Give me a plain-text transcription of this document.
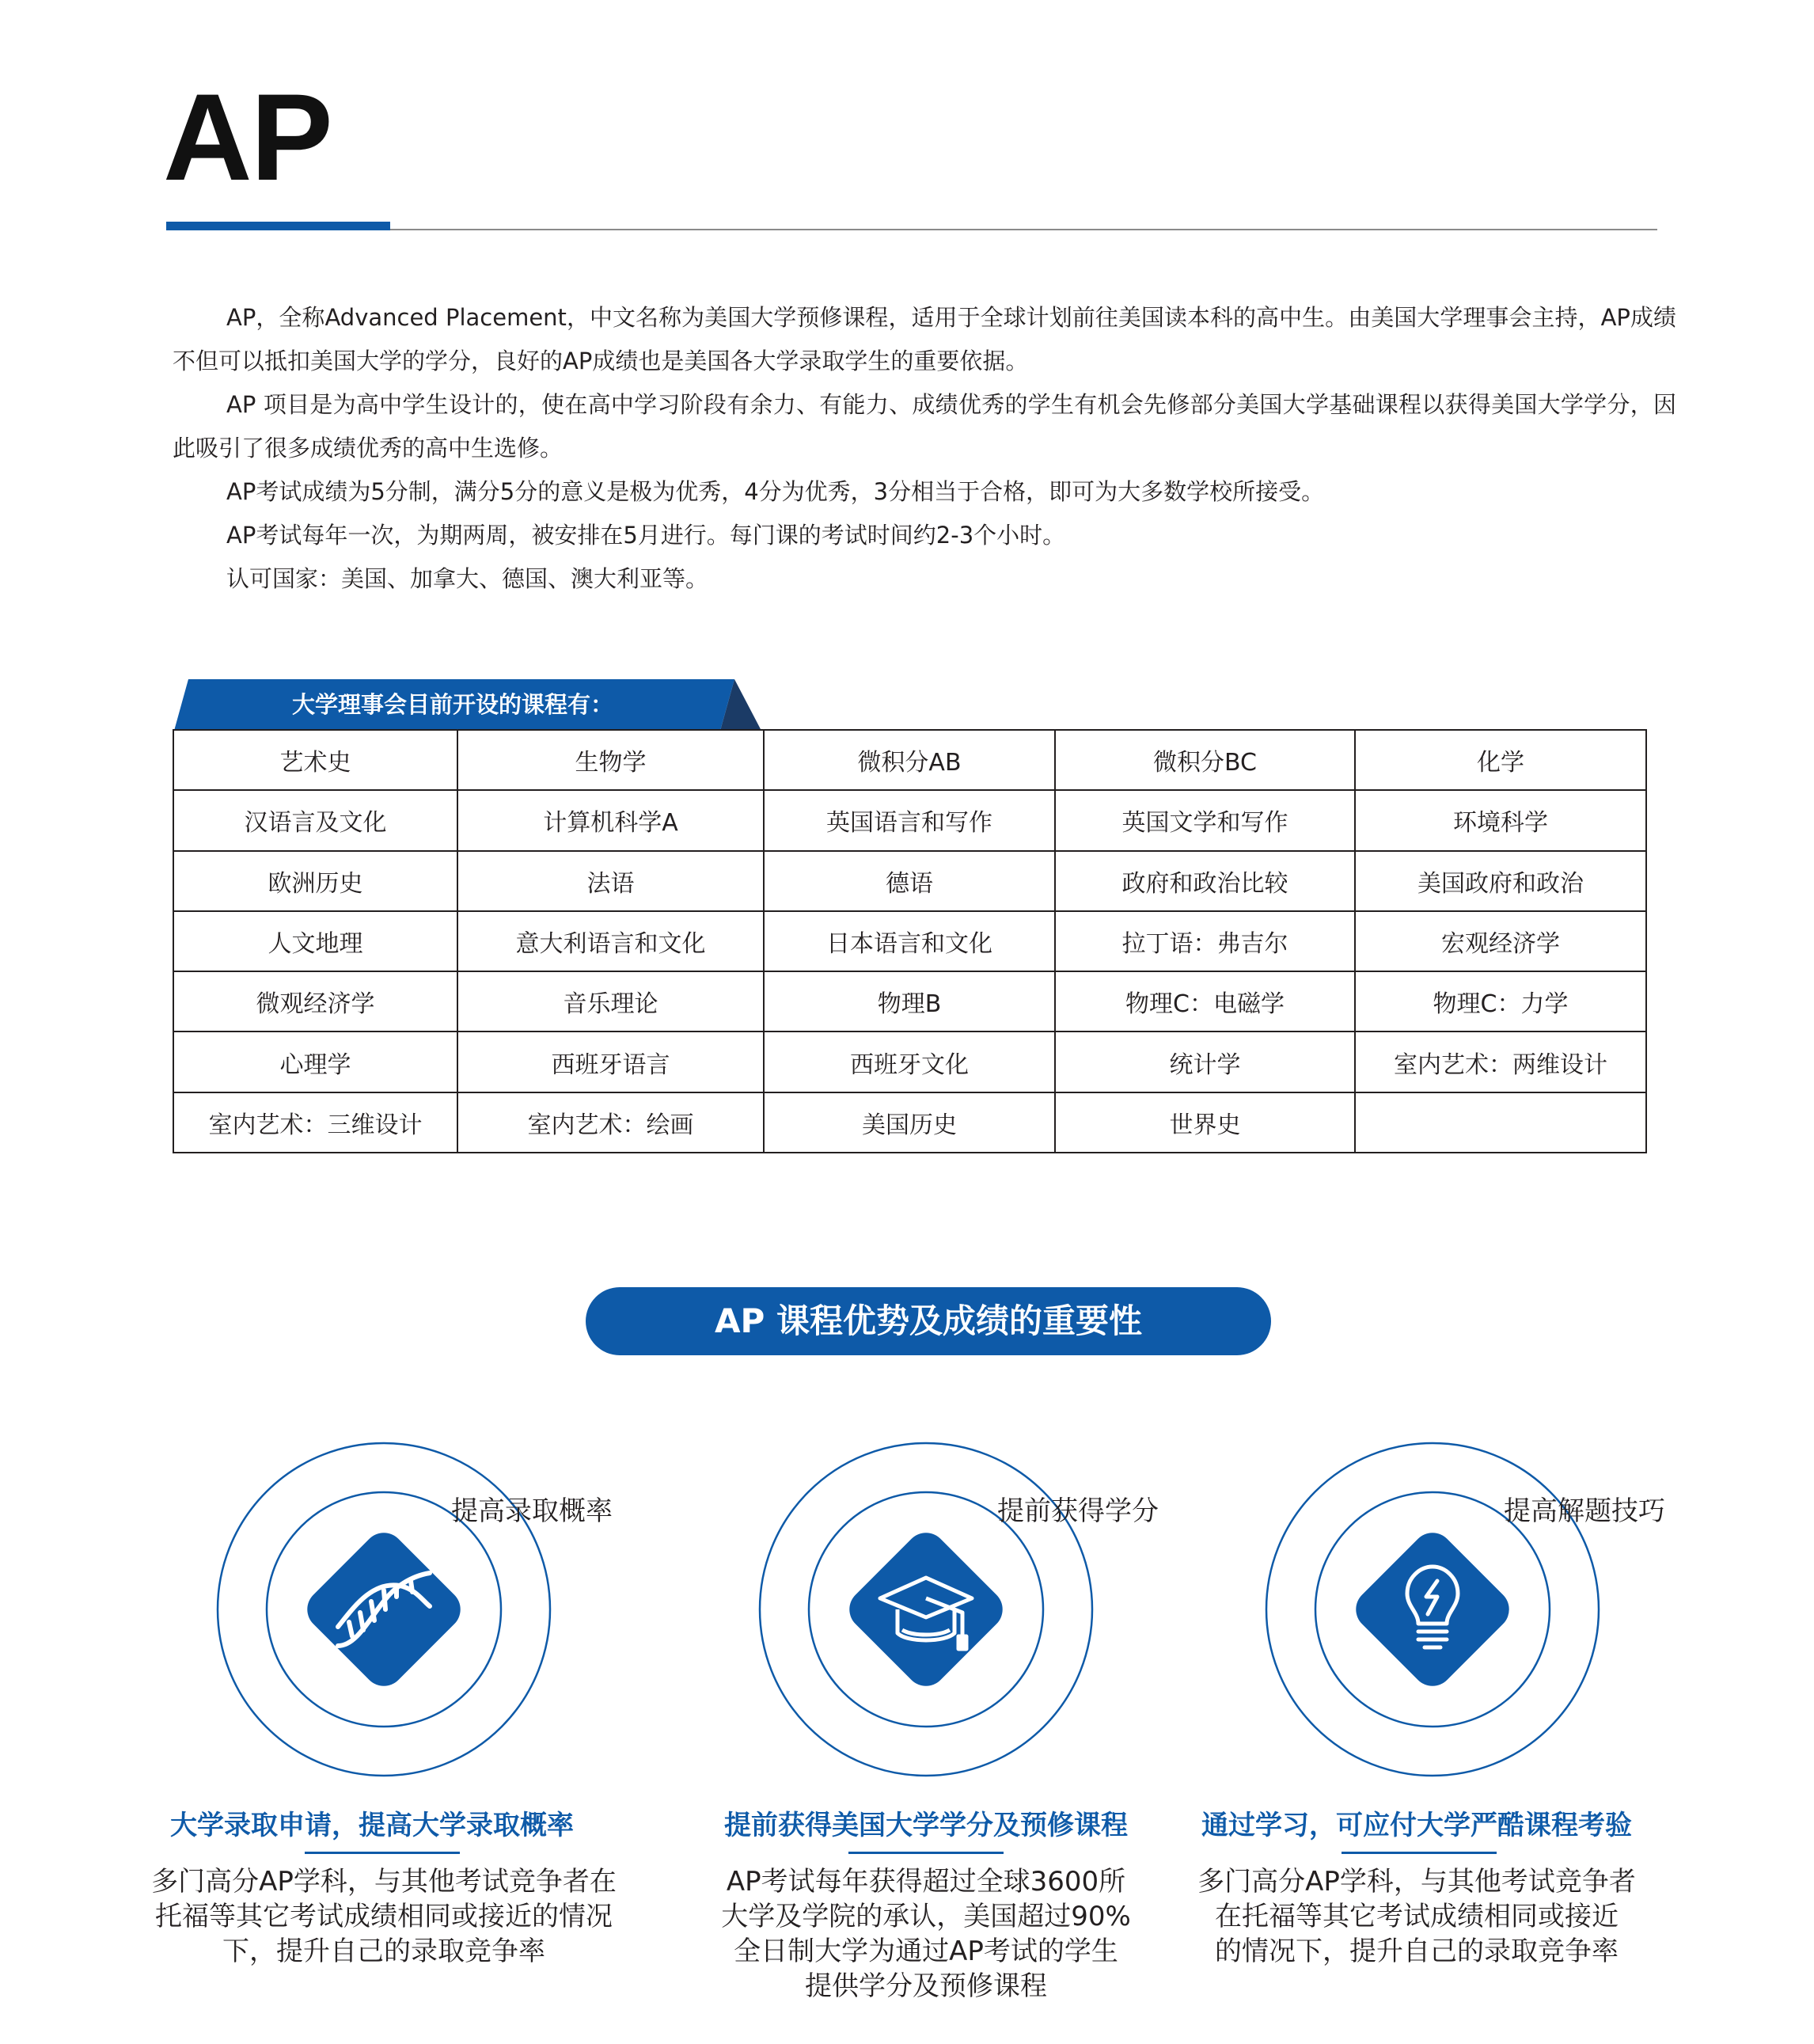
AP

AP，全称Advanced Placement，中文名称为美国大学预修课程，适用于全球计划前往美国读本科的高中生。由美国大学理事会主持，AP成绩不但可以抵扣美国大学的学分，良好的AP成绩也是美国各大学录取学生的重要依据。

AP 项目是为高中学生设计的，使在高中学习阶段有余力、有能力、成绩优秀的学生有机会先修部分美国大学基础课程以获得美国大学学分，因此吸引了很多成绩优秀的高中生选修。

AP考试成绩为5分制，满分5分的意义是极为优秀，4分为优秀，3分相当于合格，即可为大多数学校所接受。

AP考试每年一次，为期两周，被安排在5月进行。每门课的考试时间约2-3个小时。

认可国家：美国、加拿大、德国、澳大利亚等。

大学理事会目前开设的课程有：
艺术史	生物学	微积分AB	微积分BC	化学
汉语言及文化	计算机科学A	英国语言和写作	英国文学和写作	环境科学
欧洲历史	法语	德语	政府和政治比较	美国政府和政治
人文地理	意大利语言和文化	日本语言和文化	拉丁语：弗吉尔	宏观经济学
微观经济学	音乐理论	物理B	物理C：电磁学	物理C：力学
心理学	西班牙语言	西班牙文化	统计学	室内艺术：两维设计
室内艺术：三维设计	室内艺术：绘画	美国历史	世界史	
AP 课程优势及成绩的重要性
提高录取概率
大学录取申请，提高大学录取概率
多门高分AP学科，与其他考试竞争者在
托福等其它考试成绩相同或接近的情况
下，提升自己的录取竞争率
提前获得学分
提前获得美国大学学分及预修课程
AP考试每年获得超过全球3600所
大学及学院的承认，美国超过90%
全日制大学为通过AP考试的学生
提供学分及预修课程
提高解题技巧
通过学习，可应付大学严酷课程考验
多门高分AP学科，与其他考试竞争者
在托福等其它考试成绩相同或接近
的情况下，提升自己的录取竞争率
